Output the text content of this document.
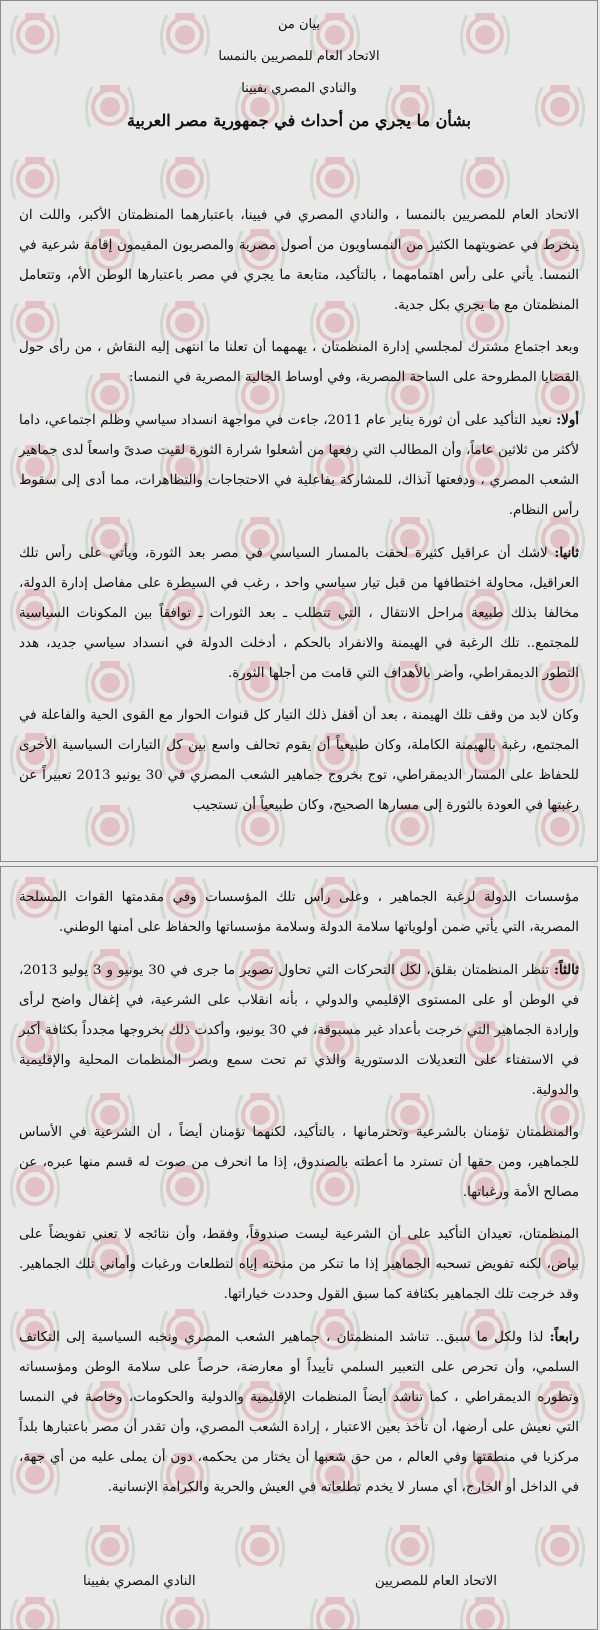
بيان من
الاتحاد العام للمصريين بالنمسا
والنادي المصري بفيينا
بشأن ما يجري من أحداث في جمهورية مصر العربية

الاتحاد العام للمصريين بالنمسا ، والنادي المصري في فيينا، باعتبارهما المنظمتان الأكبر، واللت ان ينخرط في عضويتهما الكثير من النمساويون من أصول مصرية والمصريون المقيمون إقامة شرعية في النمسا. يأتي على رأس اهتمامهما ، بالتأكيد، متابعة ما يجري في مصر باعتبارها الوطن الأم، وتتعامل المنظمتان مع ما يجري بكل جدية.

وبعد اجتماع مشترك لمجلسي إدارة المنظمتان ، يهمهما أن تعلنا ما انتهى إليه النقاش ، من رأى حول القضايا المطروحة على الساحة المصرية، وفي أوساط الجالية المصرية في النمسا:

أولا: نعيد التأكيد على أن ثورة يناير عام 2011، جاءت في مواجهة انسداد سياسي وظلم اجتماعي، داما لأكثر من ثلاثين عاماً، وأن المطالب التي رفعها من أشعلوا شرارة الثورة لقيت صدىً واسعاً لدى جماهير الشعب المصري ، ودفعتها آنذاك، للمشاركة بفاعلية في الاحتجاجات والتظاهرات، مما أدى إلى سقوط رأس النظام.

ثانيا: لاشك أن عراقيل كثيرة لحقت بالمسار السياسي في مصر بعد الثورة، ويأتي على رأس تلك العراقيل، محاولة اختطافها من قبل تيار سياسي واحد ، رغب في السيطرة على مفاصل إدارة الدولة، مخالفا بذلك طبيعة مراحل الانتقال ، التي تتطلب ـ بعد الثورات ـ توافقاً بين المكونات السياسية للمجتمع.. تلك الرغبة في الهيمنة والانفراد بالحكم ، أدخلت الدولة في انسداد سياسي جديد، هدد التطور الديمقراطي، وأضر بالأهداف التي قامت من أجلها الثورة.

وكان لابد من وقف تلك الهيمنة ، بعد أن أقفل ذلك التيار كل قنوات الحوار مع القوى الحية والفاعلة في المجتمع، رغبة بالهيمنة الكاملة، وكان طبيعياً أن يقوم تحالف واسع بين كل التيارات السياسية الأخرى للحفاظ على المسار الديمقراطي، توج بخروج جماهير الشعب المصري في 30 يونيو 2013 تعبيراً عن رغبتها في العودة بالثورة إلى مسارها الصحيح، وكان طبيعياً أن تستجيب

مؤسسات الدولة لرغبة الجماهير ، وعلى رأس تلك المؤسسات وفي مقدمتها القوات المسلحة المصرية، التي يأتي ضمن أولوياتها سلامة الدولة وسلامة مؤسساتها والحفاظ على أمنها الوطني.

ثالثاً: تنظر المنظمتان بقلق، لكل التحركات التي تحاول تصوير ما جرى في 30 يونيو و 3 يوليو 2013، في الوطن أو على المستوى الإقليمي والدولي ، بأنه انقلاب على الشرعية، في إغفال واضح لرأى وإرادة الجماهير التي خرجت بأعداد غير مسبوقة، في 30 يونيو، وأكدت ذلك بخروجها مجدداً بكثافة أكبر في الاستفتاء على التعديلات الدستورية والذي تم تحت سمع وبصر المنظمات المحلية والإقليمية والدولية.

والمنظمتان تؤمنان بالشرعية وتحترمانها ، بالتأكيد، لكنهما تؤمنان أيضاً ، أن الشرعية في الأساس للجماهير، ومن حقها أن تسترد ما أعطته بالصندوق، إذا ما انحرف من صوت له قسم منها عبره، عن مصالح الأمة ورغباتها.

المنظمتان، تعيدان التأكيد على أن الشرعية ليست صندوقاً، وفقط، وأن نتائجه لا تعني تفويضاً على بياض، لكنه تفويض تسحبه الجماهير إذا ما تنكر من منحته إياه لتطلعات ورغبات وأماني تلك الجماهير. وقد خرجت تلك الجماهير بكثافة كما سبق القول وحددت خياراتها.

رابعاً: لذا ولكل ما سبق.. تناشد المنظمتان ، جماهير الشعب المصري ونخبه السياسية إلى التكاتف السلمي، وأن تحرص على التعبير السلمي تأييداً أو معارضة، حرصاً على سلامة الوطن ومؤسساته وتطوره الديمقراطي ، كما تناشد أيضاً المنظمات الإقليمية والدولية والحكومات، وخاصة في النمسا التي نعيش على أرضها، أن تأخذ بعين الاعتبار ، إرادة الشعب المصري، وأن تقدر أن مصر باعتبارها بلداً مركزيا في منطقتها وفي العالم ، من حق شعبها أن يختار من يحكمه، دون أن يملى عليه من أي جهة، في الداخل أو الخارج، أي مسار لا يخدم تطلعاته في العيش والحرية والكرامة الإنسانية.

الاتحاد العام للمصريين
النادي المصري بفيينا
